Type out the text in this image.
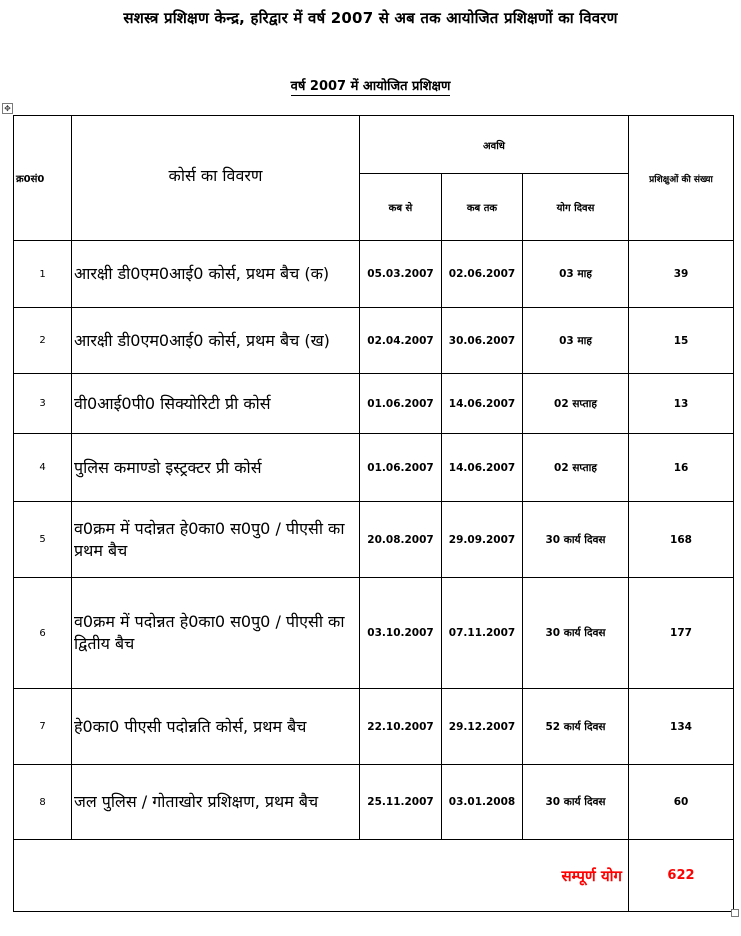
सशस्त्र प्रशिक्षण केन्द्र, हरिद्वार में वर्ष 2007 से अब तक आयोजित प्रशिक्षणों का विवरण
वर्ष 2007 में आयोजित प्रशिक्षण
✥
क्र0सं0	कोर्स का विवरण	अवधि			प्रशिक्षुओं की संख्या
		कब से	कब तक	योग दिवस	
1	आरक्षी डी0एम0आई0 कोर्स, प्रथम बैच (क)	05.03.2007	02.06.2007	03 माह	39
2	आरक्षी डी0एम0आई0 कोर्स, प्रथम बैच (ख)	02.04.2007	30.06.2007	03 माह	15
3	वी0आई0पी0 सिक्योरिटी प्री कोर्स	01.06.2007	14.06.2007	02 सप्ताह	13
4	पुलिस कमाण्डो इस्ट्रक्टर प्री कोर्स	01.06.2007	14.06.2007	02 सप्ताह	16
5	व0क्रम में पदोन्नत हे0का0 स0पु0 / पीएसी का प्रथम बैच	20.08.2007	29.09.2007	30 कार्य दिवस	168
6	व0क्रम में पदोन्नत हे0का0 स0पु0 / पीएसी का द्वितीय बैच	03.10.2007	07.11.2007	30 कार्य दिवस	177
7	हे0का0 पीएसी पदोन्नति कोर्स, प्रथम बैच	22.10.2007	29.12.2007	52 कार्य दिवस	134
8	जल पुलिस / गोताखोर प्रशिक्षण, प्रथम बैच	25.11.2007	03.01.2008	30 कार्य दिवस	60

सम्पूर्ण योग					622
